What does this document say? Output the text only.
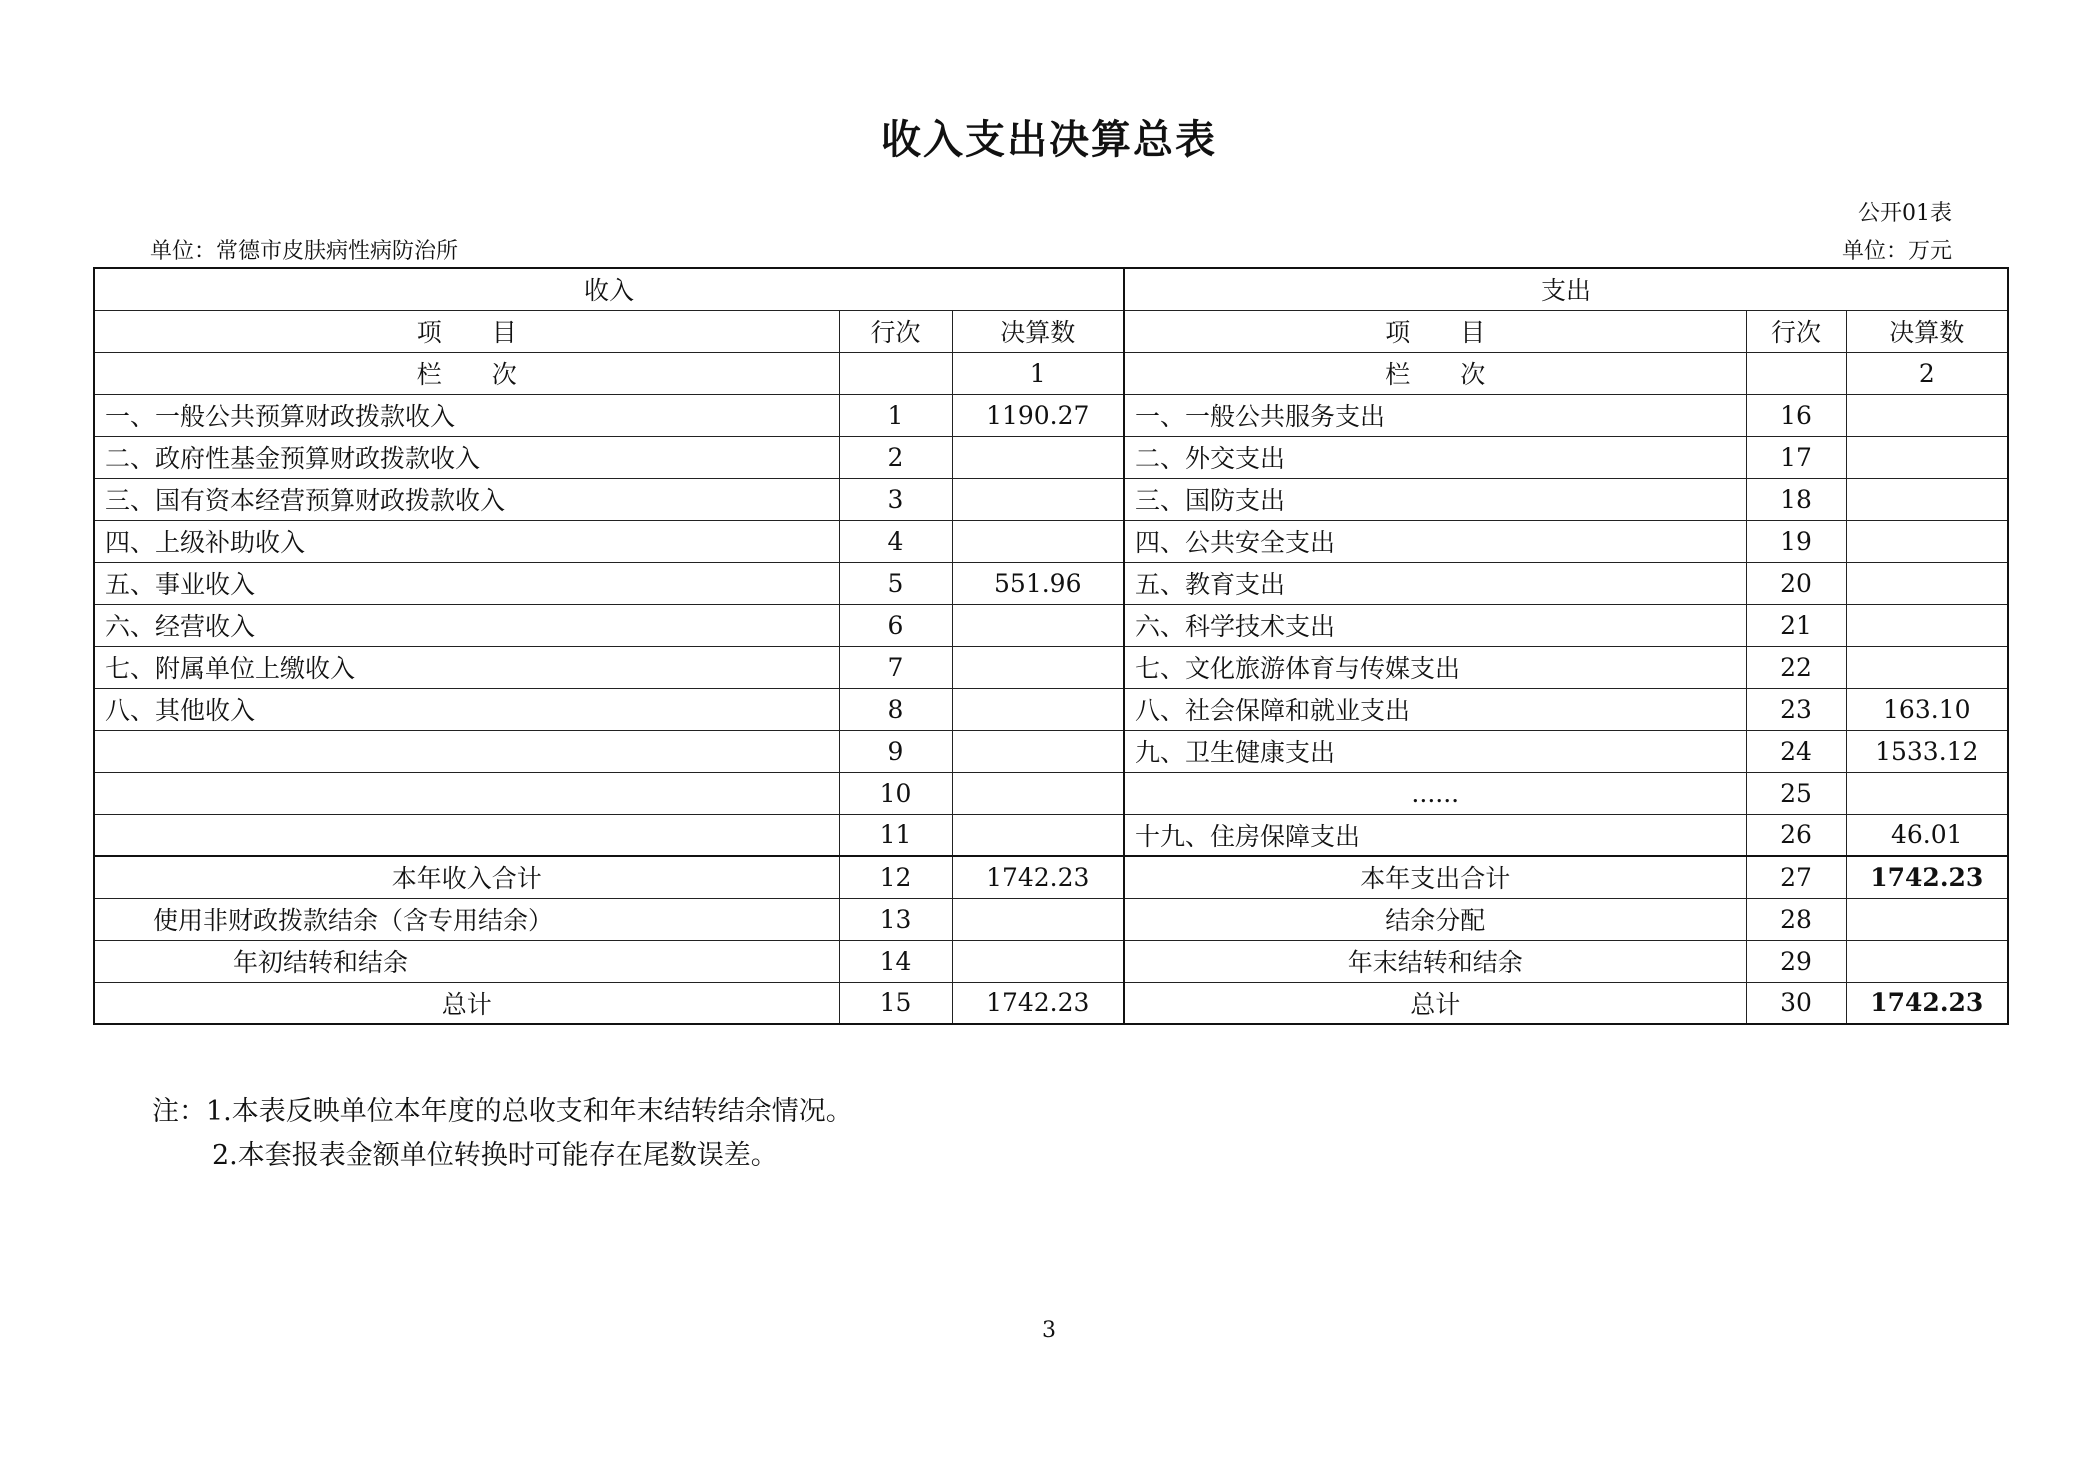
收入支出决算总表
公开01表
单位：常德市皮肤病性病防治所	单位：万元
收入			支出		
项　　目	行次	决算数	项　　目	行次	决算数
栏　　次		1	栏　　次		2
一、一般公共预算财政拨款收入	1	1190.27	一、一般公共服务支出	16	
二、政府性基金预算财政拨款收入	2		二、外交支出	17	
三、国有资本经营预算财政拨款收入	3		三、国防支出	18	
四、上级补助收入	4		四、公共安全支出	19	
五、事业收入	5	551.96	五、教育支出	20	
六、经营收入	6		六、科学技术支出	21	
七、附属单位上缴收入	7		七、文化旅游体育与传媒支出	22	
八、其他收入	8		八、社会保障和就业支出	23	163.10
	9		九、卫生健康支出	24	1533.12
	10		......	25	
	11		十九、住房保障支出	26	46.01
本年收入合计	12	1742.23	本年支出合计	27	1742.23
使用非财政拨款结余（含专用结余）	13		结余分配	28	
年初结转和结余	14		年末结转和结余	29	
总计	15	1742.23	总计	30	1742.23
注：1.本表反映单位本年度的总收支和年末结转结余情况。
2.本套报表金额单位转换时可能存在尾数误差。
3
